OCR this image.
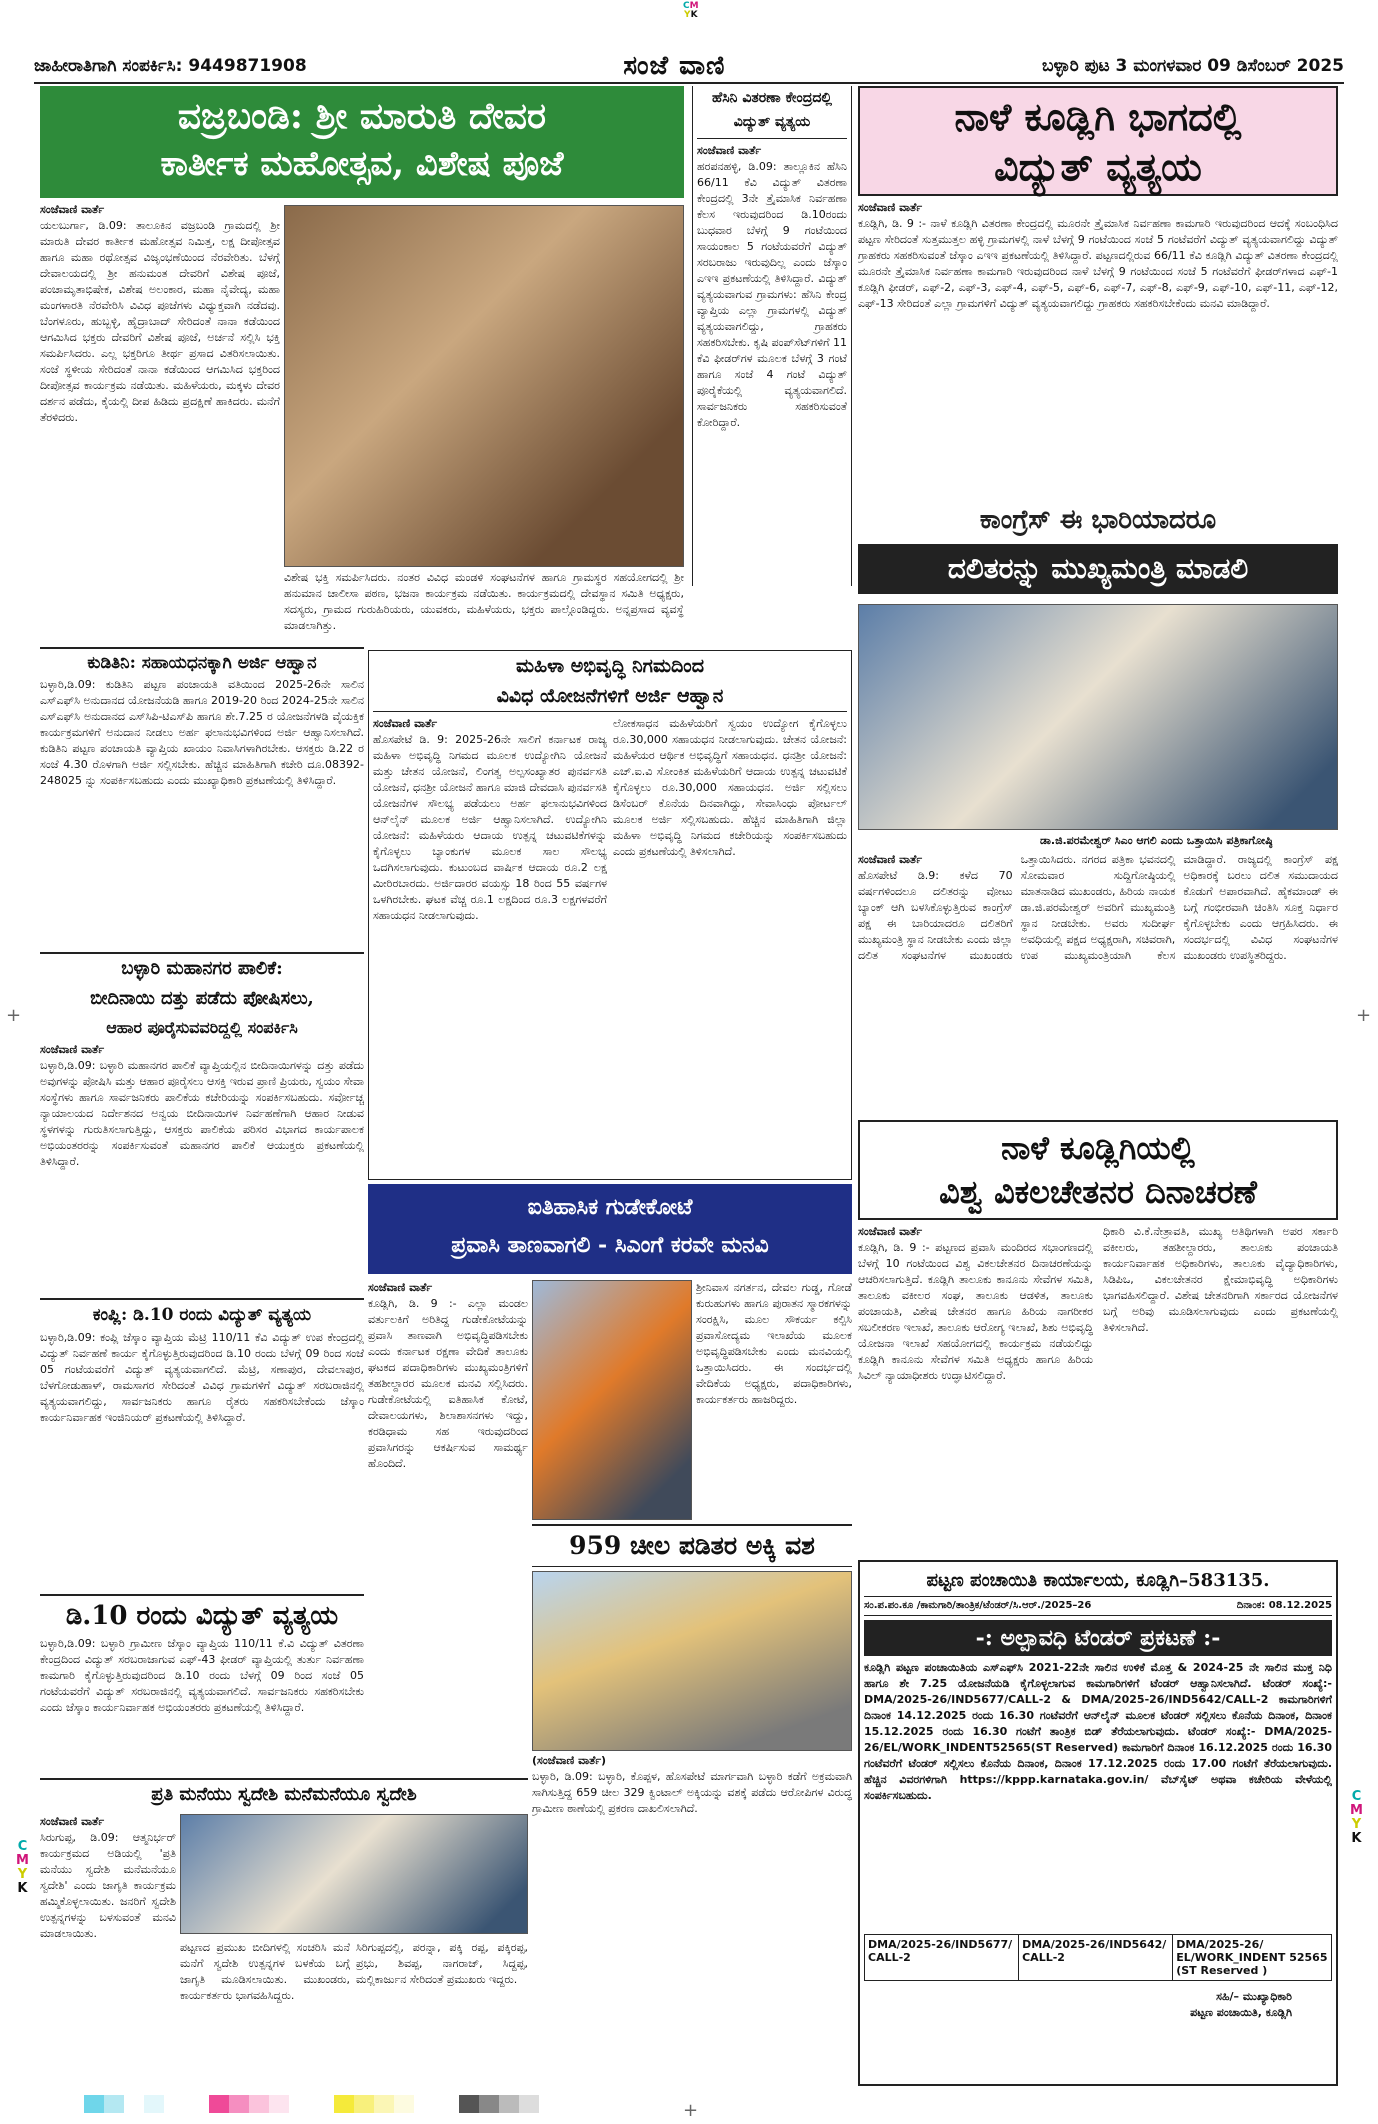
CM
YK
ಜಾಹೀರಾತಿಗಾಗಿ ಸಂಪರ್ಕಿಸಿ: 9449871908	ಸಂಜೆ ವಾಣಿ	ಬಳ್ಳಾರಿ ಪುಟ 3 ಮಂಗಳವಾರ 09 ಡಿಸೆಂಬರ್ 2025
ವಜ್ರಬಂಡಿ: ಶ್ರೀ ಮಾರುತಿ ದೇವರ
ಕಾರ್ತೀಕ ಮಹೋತ್ಸವ, ವಿಶೇಷ ಪೂಜೆ
ಸಂಜೆವಾಣಿ ವಾರ್ತೆ
ಯಲಬುರ್ಗಾ, ಡಿ.09: ತಾಲೂಕಿನ ವಜ್ರಬಂಡಿ ಗ್ರಾಮದಲ್ಲಿ ಶ್ರೀ ಮಾರುತಿ ದೇವರ ಕಾರ್ತೀಕ ಮಹೋತ್ಸವ ನಿಮಿತ್ತ, ಲಕ್ಷ ದೀಪೋತ್ಸವ ಹಾಗೂ ಮಹಾ ರಥೋತ್ಸವ ವಿಜೃಂಭಣೆಯಿಂದ ನೆರವೇರಿತು. ಬೆಳಗ್ಗೆ ದೇವಾಲಯದಲ್ಲಿ ಶ್ರೀ ಹನುಮಂತ ದೇವರಿಗೆ ವಿಶೇಷ ಪೂಜೆ, ಪಂಚಾಮೃತಾಭಿಷೇಕ, ವಿಶೇಷ ಅಲಂಕಾರ, ಮಹಾ ನೈವೇದ್ಯ, ಮಹಾ ಮಂಗಳಾರತಿ ನೆರವೇರಿಸಿ ವಿವಿಧ ಪೂಜೆಗಳು ವಿಧ್ಯುಕ್ತವಾಗಿ ನಡೆದವು. ಬೆಂಗಳೂರು, ಹುಬ್ಬಳ್ಳಿ, ಹೈದ್ರಾಬಾದ್ ಸೇರಿದಂತೆ ನಾನಾ ಕಡೆಯಿಂದ ಆಗಮಿಸಿದ ಭಕ್ತರು ದೇವರಿಗೆ ವಿಶೇಷ ಪೂಜೆ, ಅರ್ಚನೆ ಸಲ್ಲಿಸಿ ಭಕ್ತಿ ಸಮರ್ಪಿಸಿದರು. ಎಲ್ಲ ಭಕ್ತರಿಗೂ ತೀರ್ಥ ಪ್ರಸಾದ ವಿತರಿಸಲಾಯಿತು. ಸಂಜೆ ಸ್ಥಳೀಯ ಸೇರಿದಂತೆ ನಾನಾ ಕಡೆಯಿಂದ ಆಗಮಿಸಿದ ಭಕ್ತರಿಂದ ದೀಪೋತ್ಸವ ಕಾರ್ಯಕ್ರಮ ನಡೆಯಿತು. ಮಹಿಳೆಯರು, ಮಕ್ಕಳು ದೇವರ ದರ್ಶನ ಪಡೆದು, ಕೈಯಲ್ಲಿ ದೀಪ ಹಿಡಿದು ಪ್ರದಕ್ಷಿಣೆ ಹಾಕಿದರು. ಮನೆಗೆ ತೆರಳಿದರು.
ವಿಶೇಷ ಭಕ್ತಿ ಸಮರ್ಪಿಸಿದರು. ನಂತರ ವಿವಿಧ ಮಂಡಳಿ ಸಂಘಟನೆಗಳ ಹಾಗೂ ಗ್ರಾಮಸ್ಥರ ಸಹಯೋಗದಲ್ಲಿ ಶ್ರೀ ಹನುಮಾನ ಚಾಲೀಸಾ ಪಠಣ, ಭಜನಾ ಕಾರ್ಯಕ್ರಮ ನಡೆಯಿತು. ಕಾರ್ಯಕ್ರಮದಲ್ಲಿ ದೇವಸ್ಥಾನ ಸಮಿತಿ ಅಧ್ಯಕ್ಷರು, ಸದಸ್ಯರು, ಗ್ರಾಮದ ಗುರುಹಿರಿಯರು, ಯುವಕರು, ಮಹಿಳೆಯರು, ಭಕ್ತರು ಪಾಲ್ಗೊಂಡಿದ್ದರು. ಅನ್ನಪ್ರಸಾದ ವ್ಯವಸ್ಥೆ ಮಾಡಲಾಗಿತ್ತು.
ಹೆಸಿನಿ ವಿತರಣಾ ಕೇಂದ್ರದಲ್ಲಿ ವಿದ್ಯುತ್ ವ್ಯತ್ಯಯ
ಸಂಜೆವಾಣಿ ವಾರ್ತೆ
ಹರಪನಹಳ್ಳಿ, ಡಿ.09: ತಾಲ್ಲೂಕಿನ ಹೆಸಿನಿ 66/11 ಕೆವಿ ವಿದ್ಯುತ್ ವಿತರಣಾ ಕೇಂದ್ರದಲ್ಲಿ 3ನೇ ತ್ರೈಮಾಸಿಕ ನಿರ್ವಹಣಾ ಕೆಲಸ ಇರುವುದರಿಂದ ಡಿ.10ರಂದು ಬುಧವಾರ ಬೆಳಗ್ಗೆ 9 ಗಂಟೆಯಿಂದ ಸಾಯಂಕಾಲ 5 ಗಂಟೆಯವರೆಗೆ ವಿದ್ಯುತ್ ಸರಬರಾಜು ಇರುವುದಿಲ್ಲ ಎಂದು ಜೆಸ್ಕಾಂ ಎಇಇ ಪ್ರಕಟಣೆಯಲ್ಲಿ ತಿಳಿಸಿದ್ದಾರೆ. ವಿದ್ಯುತ್ ವ್ಯತ್ಯಯವಾಗುವ ಗ್ರಾಮಗಳು: ಹೆಸಿನಿ ಕೇಂದ್ರ ವ್ಯಾಪ್ತಿಯ ಎಲ್ಲಾ ಗ್ರಾಮಗಳಲ್ಲಿ ವಿದ್ಯುತ್ ವ್ಯತ್ಯಯವಾಗಲಿದ್ದು, ಗ್ರಾಹಕರು ಸಹಕರಿಸಬೇಕು. ಕೃಷಿ ಪಂಪ್‌ಸೆಟ್‌ಗಳಿಗೆ 11 ಕೆವಿ ಫೀಡರ್‌ಗಳ ಮೂಲಕ ಬೆಳಗ್ಗೆ 3 ಗಂಟೆ ಹಾಗೂ ಸಂಜೆ 4 ಗಂಟೆ ವಿದ್ಯುತ್ ಪೂರೈಕೆಯಲ್ಲಿ ವ್ಯತ್ಯಯವಾಗಲಿದೆ. ಸಾರ್ವಜನಿಕರು ಸಹಕರಿಸುವಂತೆ ಕೋರಿದ್ದಾರೆ.
ನಾಳೆ ಕೂಡ್ಲಿಗಿ ಭಾಗದಲ್ಲಿ
ವಿದ್ಯುತ್ ವ್ಯತ್ಯಯ
ಸಂಜೆವಾಣಿ ವಾರ್ತೆ
ಕೂಡ್ಲಿಗಿ, ಡಿ. 9 :- ನಾಳೆ ಕೂಡ್ಲಿಗಿ ವಿತರಣಾ ಕೇಂದ್ರದಲ್ಲಿ ಮೂರನೇ ತ್ರೈಮಾಸಿಕ ನಿರ್ವಹಣಾ ಕಾಮಗಾರಿ ಇರುವುದರಿಂದ ಆದಕ್ಕೆ ಸಂಬಂಧಿಸಿದ ಪಟ್ಟಣ ಸೇರಿದಂತೆ ಸುತ್ತಮುತ್ತಲ ಹಳ್ಳಿ ಗ್ರಾಮಗಳಲ್ಲಿ ನಾಳೆ ಬೆಳಗ್ಗೆ 9 ಗಂಟೆಯಿಂದ ಸಂಜೆ 5 ಗಂಟೆವರೆಗೆ ವಿದ್ಯುತ್ ವ್ಯತ್ಯಯವಾಗಲಿದ್ದು ವಿದ್ಯುತ್ ಗ್ರಾಹಕರು ಸಹಕರಿಸುವಂತೆ ಜೆಸ್ಕಾಂ ಎಇಇ ಪ್ರಕಟಣೆಯಲ್ಲಿ ತಿಳಿಸಿದ್ದಾರೆ. ಪಟ್ಟಣದಲ್ಲಿರುವ 66/11 ಕೆವಿ ಕೂಡ್ಲಿಗಿ ವಿದ್ಯುತ್ ವಿತರಣಾ ಕೇಂದ್ರದಲ್ಲಿ ಮೂರನೇ ತ್ರೈಮಾಸಿಕ ನಿರ್ವಹಣಾ ಕಾಮಗಾರಿ ಇರುವುದರಿಂದ ನಾಳೆ ಬೆಳಗ್ಗೆ 9 ಗಂಟೆಯಿಂದ ಸಂಜೆ 5 ಗಂಟೆವರೆಗೆ ಫೀಡರ್‌ಗಳಾದ ಎಫ್-1 ಕೂಡ್ಲಿಗಿ ಫೀಡರ್, ಎಫ್-2, ಎಫ್-3, ಎಫ್-4, ಎಫ್-5, ಎಫ್-6, ಎಫ್-7, ಎಫ್-8, ಎಫ್-9, ಎಫ್-10, ಎಫ್-11, ಎಫ್-12, ಎಫ್-13 ಸೇರಿದಂತೆ ಎಲ್ಲಾ ಗ್ರಾಮಗಳಿಗೆ ವಿದ್ಯುತ್ ವ್ಯತ್ಯಯವಾಗಲಿದ್ದು ಗ್ರಾಹಕರು ಸಹಕರಿಸಬೇಕೆಂದು ಮನವಿ ಮಾಡಿದ್ದಾರೆ.
ಕಾಂಗ್ರೆಸ್ ಈ ಭಾರಿಯಾದರೂ
ದಲಿತರನ್ನು ಮುಖ್ಯಮಂತ್ರಿ ಮಾಡಲಿ
ಡಾ.ಜಿ.ಪರಮೇಶ್ವರ್ ಸಿಎಂ ಆಗಲಿ ಎಂದು ಒತ್ತಾಯಿಸಿ ಪತ್ರಿಕಾಗೋಷ್ಠಿ
ಸಂಜೆವಾಣಿ ವಾರ್ತೆ
ಹೊಸಪೇಟೆ ಡಿ.9: ಕಳೆದ 70 ವರ್ಷಗಳಿಂದಲೂ ದಲಿತರನ್ನು ವೋಟು ಬ್ಯಾಂಕ್ ಆಗಿ ಬಳಸಿಕೊಳ್ಳುತ್ತಿರುವ ಕಾಂಗ್ರೆಸ್ ಪಕ್ಷ ಈ ಬಾರಿಯಾದರೂ ದಲಿತರಿಗೆ ಮುಖ್ಯಮಂತ್ರಿ ಸ್ಥಾನ ನೀಡಬೇಕು ಎಂದು ಜಿಲ್ಲಾ ದಲಿತ ಸಂಘಟನೆಗಳ ಮುಖಂಡರು ಒತ್ತಾಯಿಸಿದರು. ನಗರದ ಪತ್ರಿಕಾ ಭವನದಲ್ಲಿ ಸೋಮವಾರ ಸುದ್ದಿಗೋಷ್ಠಿಯಲ್ಲಿ ಮಾತನಾಡಿದ ಮುಖಂಡರು, ಹಿರಿಯ ನಾಯಕ ಡಾ.ಜಿ.ಪರಮೇಶ್ವರ್ ಅವರಿಗೆ ಮುಖ್ಯಮಂತ್ರಿ ಸ್ಥಾನ ನೀಡಬೇಕು. ಅವರು ಸುದೀರ್ಘ ಅವಧಿಯಲ್ಲಿ ಪಕ್ಷದ ಅಧ್ಯಕ್ಷರಾಗಿ, ಸಚಿವರಾಗಿ, ಉಪ ಮುಖ್ಯಮಂತ್ರಿಯಾಗಿ ಕೆಲಸ ಮಾಡಿದ್ದಾರೆ. ರಾಜ್ಯದಲ್ಲಿ ಕಾಂಗ್ರೆಸ್ ಪಕ್ಷ ಅಧಿಕಾರಕ್ಕೆ ಬರಲು ದಲಿತ ಸಮುದಾಯದ ಕೊಡುಗೆ ಅಪಾರವಾಗಿದೆ. ಹೈಕಮಾಂಡ್ ಈ ಬಗ್ಗೆ ಗಂಭೀರವಾಗಿ ಚಿಂತಿಸಿ ಸೂಕ್ತ ನಿರ್ಧಾರ ಕೈಗೊಳ್ಳಬೇಕು ಎಂದು ಆಗ್ರಹಿಸಿದರು. ಈ ಸಂದರ್ಭದಲ್ಲಿ ವಿವಿಧ ಸಂಘಟನೆಗಳ ಮುಖಂಡರು ಉಪಸ್ಥಿತರಿದ್ದರು.
ಕುಡಿತಿನಿ: ಸಹಾಯಧನಕ್ಕಾಗಿ ಅರ್ಜಿ ಆಹ್ವಾನ
ಬಳ್ಳಾರಿ,ಡಿ.09: ಕುಡಿತಿನಿ ಪಟ್ಟಣ ಪಂಚಾಯತಿ ವತಿಯಿಂದ 2025-26ನೇ ಸಾಲಿನ ಎಸ್‌ಎಫ್‌ಸಿ ಅನುದಾನದ ಯೋಜನೆಯಡಿ ಹಾಗೂ 2019-20 ರಿಂದ 2024-25ನೇ ಸಾಲಿನ ಎಸ್‌ಎಫ್‌ಸಿ ಅನುದಾನದ ಎಸ್‌ಸಿಪಿ-ಟಿಎಸ್‌ಪಿ ಹಾಗೂ ಶೇ.7.25 ರ ಯೋಜನೆಗಳಡಿ ವೈಯಕ್ತಿಕ ಕಾರ್ಯಕ್ರಮಗಳಿಗೆ ಅನುದಾನ ನೀಡಲು ಅರ್ಹ ಫಲಾನುಭವಿಗಳಿಂದ ಅರ್ಜಿ ಆಹ್ವಾನಿಸಲಾಗಿದೆ. ಕುಡಿತಿನಿ ಪಟ್ಟಣ ಪಂಚಾಯತಿ ವ್ಯಾಪ್ತಿಯ ಖಾಯಂ ನಿವಾಸಿಗಳಾಗಿರಬೇಕು. ಆಸಕ್ತರು ಡಿ.22 ರ ಸಂಜೆ 4.30 ರೊಳಗಾಗಿ ಅರ್ಜಿ ಸಲ್ಲಿಸಬೇಕು. ಹೆಚ್ಚಿನ ಮಾಹಿತಿಗಾಗಿ ಕಚೇರಿ ದೂ.08392-248025 ನ್ನು ಸಂಪರ್ಕಿಸಬಹುದು ಎಂದು ಮುಖ್ಯಾಧಿಕಾರಿ ಪ್ರಕಟಣೆಯಲ್ಲಿ ತಿಳಿಸಿದ್ದಾರೆ.
ಬಳ್ಳಾರಿ ಮಹಾನಗರ ಪಾಲಿಕೆ:
ಬೀದಿನಾಯಿ ದತ್ತು ಪಡೆದು ಪೋಷಿಸಲು,
ಆಹಾರ ಪೂರೈಸುವವರಿದ್ದಲ್ಲಿ ಸಂಪರ್ಕಿಸಿ
ಸಂಜೆವಾಣಿ ವಾರ್ತೆ
ಬಳ್ಳಾರಿ,ಡಿ.09: ಬಳ್ಳಾರಿ ಮಹಾನಗರ ಪಾಲಿಕೆ ವ್ಯಾಪ್ತಿಯಲ್ಲಿನ ಬೀದಿನಾಯಿಗಳನ್ನು ದತ್ತು ಪಡೆದು ಅವುಗಳನ್ನು ಪೋಷಿಸಿ ಮತ್ತು ಆಹಾರ ಪೂರೈಸಲು ಆಸಕ್ತಿ ಇರುವ ಪ್ರಾಣಿ ಪ್ರಿಯರು, ಸ್ವಯಂ ಸೇವಾ ಸಂಸ್ಥೆಗಳು ಹಾಗೂ ಸಾರ್ವಜನಿಕರು ಪಾಲಿಕೆಯ ಕಚೇರಿಯನ್ನು ಸಂಪರ್ಕಿಸಬಹುದು. ಸರ್ವೋಚ್ಚ ನ್ಯಾಯಾಲಯದ ನಿರ್ದೇಶನದ ಅನ್ವಯ ಬೀದಿನಾಯಿಗಳ ನಿರ್ವಹಣೆಗಾಗಿ ಆಹಾರ ನೀಡುವ ಸ್ಥಳಗಳನ್ನು ಗುರುತಿಸಲಾಗುತ್ತಿದ್ದು, ಆಸಕ್ತರು ಪಾಲಿಕೆಯ ಪರಿಸರ ವಿಭಾಗದ ಕಾರ್ಯಪಾಲಕ ಅಭಿಯಂತರರನ್ನು ಸಂಪರ್ಕಿಸುವಂತೆ ಮಹಾನಗರ ಪಾಲಿಕೆ ಆಯುಕ್ತರು ಪ್ರಕಟಣೆಯಲ್ಲಿ ತಿಳಿಸಿದ್ದಾರೆ.
ಕಂಪ್ಲಿ: ಡಿ.10 ರಂದು ವಿದ್ಯುತ್ ವ್ಯತ್ಯಯ
ಬಳ್ಳಾರಿ,ಡಿ.09: ಕಂಪ್ಲಿ ಜೆಸ್ಕಾಂ ವ್ಯಾಪ್ತಿಯ ಮೆಟ್ರಿ 110/11 ಕೆವಿ ವಿದ್ಯುತ್ ಉಪ ಕೇಂದ್ರದಲ್ಲಿ ವಿದ್ಯುತ್ ನಿರ್ವಹಣೆ ಕಾರ್ಯ ಕೈಗೊಳ್ಳುತ್ತಿರುವುದರಿಂದ ಡಿ.10 ರಂದು ಬೆಳಗ್ಗೆ 09 ರಿಂದ ಸಂಜೆ 05 ಗಂಟೆಯವರೆಗೆ ವಿದ್ಯುತ್ ವ್ಯತ್ಯಯವಾಗಲಿದೆ. ಮೆಟ್ರಿ, ಸಣಾಪುರ, ದೇವಲಾಪುರ, ಬೆಳಗೋಡುಹಾಳ್, ರಾಮಸಾಗರ ಸೇರಿದಂತೆ ವಿವಿಧ ಗ್ರಾಮಗಳಿಗೆ ವಿದ್ಯುತ್ ಸರಬರಾಜಿನಲ್ಲಿ ವ್ಯತ್ಯಯವಾಗಲಿದ್ದು, ಸಾರ್ವಜನಿಕರು ಹಾಗೂ ರೈತರು ಸಹಕರಿಸಬೇಕೆಂದು ಜೆಸ್ಕಾಂ ಕಾರ್ಯನಿರ್ವಾಹಕ ಇಂಜಿನಿಯರ್ ಪ್ರಕಟಣೆಯಲ್ಲಿ ತಿಳಿಸಿದ್ದಾರೆ.
ಡಿ.10 ರಂದು ವಿದ್ಯುತ್ ವ್ಯತ್ಯಯ
ಬಳ್ಳಾರಿ,ಡಿ.09: ಬಳ್ಳಾರಿ ಗ್ರಾಮೀಣ ಜೆಸ್ಕಾಂ ವ್ಯಾಪ್ತಿಯ 110/11 ಕೆ.ವಿ ವಿದ್ಯುತ್ ವಿತರಣಾ ಕೇಂದ್ರದಿಂದ ವಿದ್ಯುತ್ ಸರಬರಾಜಾಗುವ ಎಫ್-43 ಫೀಡರ್ ವ್ಯಾಪ್ತಿಯಲ್ಲಿ ತುರ್ತು ನಿರ್ವಹಣಾ ಕಾಮಗಾರಿ ಕೈಗೊಳ್ಳುತ್ತಿರುವುದರಿಂದ ಡಿ.10 ರಂದು ಬೆಳಗ್ಗೆ 09 ರಿಂದ ಸಂಜೆ 05 ಗಂಟೆಯವರೆಗೆ ವಿದ್ಯುತ್ ಸರಬರಾಜಿನಲ್ಲಿ ವ್ಯತ್ಯಯವಾಗಲಿದೆ. ಸಾರ್ವಜನಿಕರು ಸಹಕರಿಸಬೇಕು ಎಂದು ಜೆಸ್ಕಾಂ ಕಾರ್ಯನಿರ್ವಾಹಕ ಅಭಿಯಂತರರು ಪ್ರಕಟಣೆಯಲ್ಲಿ ತಿಳಿಸಿದ್ದಾರೆ.
ಮಹಿಳಾ ಅಭಿವೃದ್ಧಿ ನಿಗಮದಿಂದ
ವಿವಿಧ ಯೋಜನೆಗಳಿಗೆ ಅರ್ಜಿ ಆಹ್ವಾನ
ಸಂಜೆವಾಣಿ ವಾರ್ತೆ
ಹೊಸಪೇಟೆ ಡಿ. 9: 2025-26ನೇ ಸಾಲಿಗೆ ಕರ್ನಾಟಕ ರಾಜ್ಯ ಮಹಿಳಾ ಅಭಿವೃದ್ಧಿ ನಿಗಮದ ಮೂಲಕ ಉದ್ಯೋಗಿನಿ ಯೋಜನೆ ಮತ್ತು ಚೇತನ ಯೋಜನೆ, ಲಿಂಗತ್ವ ಅಲ್ಪಸಂಖ್ಯಾತರ ಪುನರ್ವಸತಿ ಯೋಜನೆ, ಧನಶ್ರೀ ಯೋಜನೆ ಹಾಗೂ ಮಾಜಿ ದೇವದಾಸಿ ಪುನರ್ವಸತಿ ಯೋಜನೆಗಳ ಸೌಲಭ್ಯ ಪಡೆಯಲು ಅರ್ಹ ಫಲಾನುಭವಿಗಳಿಂದ ಆನ್‌ಲೈನ್ ಮೂಲಕ ಅರ್ಜಿ ಆಹ್ವಾನಿಸಲಾಗಿದೆ. ಉದ್ಯೋಗಿನಿ ಯೋಜನೆ: ಮಹಿಳೆಯರು ಆದಾಯ ಉತ್ಪನ್ನ ಚಟುವಟಿಕೆಗಳನ್ನು ಕೈಗೊಳ್ಳಲು ಬ್ಯಾಂಕುಗಳ ಮೂಲಕ ಸಾಲ ಸೌಲಭ್ಯ ಒದಗಿಸಲಾಗುವುದು. ಕುಟುಂಬದ ವಾರ್ಷಿಕ ಆದಾಯ ರೂ.2 ಲಕ್ಷ ಮೀರಿರಬಾರದು. ಅರ್ಜಿದಾರರ ವಯಸ್ಸು 18 ರಿಂದ 55 ವರ್ಷಗಳ ಒಳಗಿರಬೇಕು. ಘಟಕ ವೆಚ್ಚ ರೂ.1 ಲಕ್ಷದಿಂದ ರೂ.3 ಲಕ್ಷಗಳವರೆಗೆ ಸಹಾಯಧನ ನೀಡಲಾಗುವುದು.
ಲೋಕಸಾಧನ ಮಹಿಳೆಯರಿಗೆ ಸ್ವಯಂ ಉದ್ಯೋಗ ಕೈಗೊಳ್ಳಲು ರೂ.30,000 ಸಹಾಯಧನ ನೀಡಲಾಗುವುದು. ಚೇತನ ಯೋಜನೆ: ಮಹಿಳೆಯರ ಆರ್ಥಿಕ ಅಭಿವೃದ್ಧಿಗೆ ಸಹಾಯಧನ. ಧನಶ್ರೀ ಯೋಜನೆ: ಎಚ್.ಐ.ವಿ ಸೋಂಕಿತ ಮಹಿಳೆಯರಿಗೆ ಆದಾಯ ಉತ್ಪನ್ನ ಚಟುವಟಿಕೆ ಕೈಗೊಳ್ಳಲು ರೂ.30,000 ಸಹಾಯಧನ. ಅರ್ಜಿ ಸಲ್ಲಿಸಲು ಡಿಸೆಂಬರ್ ಕೊನೆಯ ದಿನವಾಗಿದ್ದು, ಸೇವಾಸಿಂಧು ಪೋರ್ಟಲ್ ಮೂಲಕ ಅರ್ಜಿ ಸಲ್ಲಿಸಬಹುದು. ಹೆಚ್ಚಿನ ಮಾಹಿತಿಗಾಗಿ ಜಿಲ್ಲಾ ಮಹಿಳಾ ಅಭಿವೃದ್ಧಿ ನಿಗಮದ ಕಚೇರಿಯನ್ನು ಸಂಪರ್ಕಿಸಬಹುದು ಎಂದು ಪ್ರಕಟಣೆಯಲ್ಲಿ ತಿಳಿಸಲಾಗಿದೆ.
ನಾಳೆ ಕೂಡ್ಲಿಗಿಯಲ್ಲಿ
ವಿಶ್ವ ವಿಕಲಚೇತನರ ದಿನಾಚರಣೆ
ಸಂಜೆವಾಣಿ ವಾರ್ತೆ
ಕೂಡ್ಲಿಗಿ, ಡಿ. 9 :- ಪಟ್ಟಣದ ಪ್ರವಾಸಿ ಮಂದಿರದ ಸಭಾಂಗಣದಲ್ಲಿ ಬೆಳಗ್ಗೆ 10 ಗಂಟೆಯಿಂದ ವಿಶ್ವ ವಿಕಲಚೇತನರ ದಿನಾಚರಣೆಯನ್ನು ಆಚರಿಸಲಾಗುತ್ತಿದೆ. ಕೂಡ್ಲಿಗಿ ತಾಲೂಕು ಕಾನೂನು ಸೇವೆಗಳ ಸಮಿತಿ, ತಾಲೂಕು ವಕೀಲರ ಸಂಘ, ತಾಲೂಕು ಆಡಳಿತ, ತಾಲೂಕು ಪಂಚಾಯತಿ, ವಿಶೇಷ ಚೇತನರ ಹಾಗೂ ಹಿರಿಯ ನಾಗರೀಕರ ಸಬಲೀಕರಣ ಇಲಾಖೆ, ತಾಲೂಕು ಆರೋಗ್ಯ ಇಲಾಖೆ, ಶಿಶು ಅಭಿವೃದ್ಧಿ ಯೋಜನಾ ಇಲಾಖೆ ಸಹಯೋಗದಲ್ಲಿ ಕಾರ್ಯಕ್ರಮ ನಡೆಯಲಿದ್ದು ಕೂಡ್ಲಿಗಿ ಕಾನೂನು ಸೇವೆಗಳ ಸಮಿತಿ ಅಧ್ಯಕ್ಷರು ಹಾಗೂ ಹಿರಿಯ ಸಿವಿಲ್ ನ್ಯಾಯಾಧೀಶರು ಉದ್ಘಾಟಿಸಲಿದ್ದಾರೆ.
ಧಿಕಾರಿ ವಿ.ಕೆ.ನೇತ್ರಾವತಿ, ಮುಖ್ಯ ಅತಿಥಿಗಳಾಗಿ ಅಪರ ಸರ್ಕಾರಿ ವಕೀಲರು, ತಹಶೀಲ್ದಾರರು, ತಾಲೂಕು ಪಂಚಾಯತಿ ಕಾರ್ಯನಿರ್ವಾಹಕ ಅಧಿಕಾರಿಗಳು, ತಾಲೂಕು ವೈದ್ಯಾಧಿಕಾರಿಗಳು, ಸಿಡಿಪಿಒ, ವಿಕಲಚೇತನರ ಕ್ಷೇಮಾಭಿವೃದ್ಧಿ ಅಧಿಕಾರಿಗಳು ಭಾಗವಹಿಸಲಿದ್ದಾರೆ. ವಿಶೇಷ ಚೇತನರಿಗಾಗಿ ಸರ್ಕಾರದ ಯೋಜನೆಗಳ ಬಗ್ಗೆ ಅರಿವು ಮೂಡಿಸಲಾಗುವುದು ಎಂದು ಪ್ರಕಟಣೆಯಲ್ಲಿ ತಿಳಿಸಲಾಗಿದೆ.
ಐತಿಹಾಸಿಕ ಗುಡೇಕೋಟೆ
ಪ್ರವಾಸಿ ತಾಣವಾಗಲಿ - ಸಿಎಂಗೆ ಕರವೇ ಮನವಿ
ಸಂಜೆವಾಣಿ ವಾರ್ತೆ
ಕೂಡ್ಲಿಗಿ, ಡಿ. 9 :- ಎಲ್ಲಾ ಮಂಡಲ ವರ್ತುಲಕಿಗೆ ಅರಿತಿದ್ದ ಗುಡೇಕೋಟೆಯನ್ನು ಪ್ರವಾಸಿ ತಾಣವಾಗಿ ಅಭಿವೃದ್ಧಿಪಡಿಸಬೇಕು ಎಂದು ಕರ್ನಾಟಕ ರಕ್ಷಣಾ ವೇದಿಕೆ ತಾಲೂಕು ಘಟಕದ ಪದಾಧಿಕಾರಿಗಳು ಮುಖ್ಯಮಂತ್ರಿಗಳಿಗೆ ತಹಶೀಲ್ದಾರರ ಮೂಲಕ ಮನವಿ ಸಲ್ಲಿಸಿದರು. ಗುಡೇಕೋಟೆಯಲ್ಲಿ ಐತಿಹಾಸಿಕ ಕೋಟೆ, ದೇವಾಲಯಗಳು, ಶಿಲಾಶಾಸನಗಳು ಇದ್ದು, ಕರಡಿಧಾಮ ಸಹ ಇರುವುದರಿಂದ ಪ್ರವಾಸಿಗರನ್ನು ಆಕರ್ಷಿಸುವ ಸಾಮರ್ಥ್ಯ ಹೊಂದಿದೆ.
ಶ್ರೀನಿವಾಸ ನಗರ್ತನ, ದೇವಲ ಗುಡ್ಡ, ಗೋಡೆ ಕುರುಹುಗಳು ಹಾಗೂ ಪುರಾತನ ಸ್ಮಾರಕಗಳನ್ನು ಸಂರಕ್ಷಿಸಿ, ಮೂಲ ಸೌಕರ್ಯ ಕಲ್ಪಿಸಿ ಪ್ರವಾಸೋದ್ಯಮ ಇಲಾಖೆಯ ಮೂಲಕ ಅಭಿವೃದ್ಧಿಪಡಿಸಬೇಕು ಎಂದು ಮನವಿಯಲ್ಲಿ ಒತ್ತಾಯಿಸಿದರು. ಈ ಸಂದರ್ಭದಲ್ಲಿ ವೇದಿಕೆಯ ಅಧ್ಯಕ್ಷರು, ಪದಾಧಿಕಾರಿಗಳು, ಕಾರ್ಯಕರ್ತರು ಹಾಜರಿದ್ದರು.
959 ಚೀಲ ಪಡಿತರ ಅಕ್ಕಿ ವಶ
(ಸಂಜೆವಾಣಿ ವಾರ್ತೆ)
ಬಳ್ಳಾರಿ, ಡಿ.09: ಬಳ್ಳಾರಿ, ಕೊಪ್ಪಳ, ಹೊಸಪೇಟೆ ಮಾರ್ಗವಾಗಿ ಬಳ್ಳಾರಿ ಕಡೆಗೆ ಅಕ್ರಮವಾಗಿ ಸಾಗಿಸುತ್ತಿದ್ದ 659 ಚೀಲ 329 ಕ್ವಿಂಟಾಲ್ ಅಕ್ಕಿಯನ್ನು ವಶಕ್ಕೆ ಪಡೆದು ಆರೋಪಿಗಳ ವಿರುದ್ಧ ಗ್ರಾಮೀಣ ಠಾಣೆಯಲ್ಲಿ ಪ್ರಕರಣ ದಾಖಲಿಸಲಾಗಿದೆ.
ಪ್ರತಿ ಮನೆಯು ಸ್ವದೇಶಿ ಮನೆಮನೆಯೂ ಸ್ವದೇಶಿ
ಸಂಜೆವಾಣಿ ವಾರ್ತೆ
ಸಿರುಗುಪ್ಪ, ಡಿ.09: ಆತ್ಮನಿರ್ಭರ್ ಕಾರ್ಯಕ್ರಮದ ಅಡಿಯಲ್ಲಿ 'ಪ್ರತಿ ಮನೆಯು ಸ್ವದೇಶಿ ಮನೆಮನೆಯೂ ಸ್ವದೇಶಿ' ಎಂದು ಜಾಗೃತಿ ಕಾರ್ಯಕ್ರಮ ಹಮ್ಮಿಕೊಳ್ಳಲಾಯಿತು. ಜನರಿಗೆ ಸ್ವದೇಶಿ ಉತ್ಪನ್ನಗಳನ್ನು ಬಳಸುವಂತೆ ಮನವಿ ಮಾಡಲಾಯಿತು.
ಪಟ್ಟಣದ ಪ್ರಮುಖ ಬೀದಿಗಳಲ್ಲಿ ಸಂಚರಿಸಿ ಮನೆ ಮನೆಗೆ ಸ್ವದೇಶಿ ಉತ್ಪನ್ನಗಳ ಬಳಕೆಯ ಬಗ್ಗೆ ಜಾಗೃತಿ ಮೂಡಿಸಲಾಯಿತು. ಮುಖಂಡರು, ಕಾರ್ಯಕರ್ತರು ಭಾಗವಹಿಸಿದ್ದರು.
ಸಿರಿಗುಪ್ಪದಲ್ಲಿ, ಪರನ್ನಾ, ಪಕ್ಕಿ ರಪ್ಪ, ಪಕ್ಕಿರಪ್ಪ, ಪ್ರಭು, ಶಿವಪ್ಪ, ನಾಗರಾಜ್, ಸಿದ್ದಪ್ಪ, ಮಲ್ಲಿಕಾರ್ಜುನ ಸೇರಿದಂತೆ ಪ್ರಮುಖರು ಇದ್ದರು.
ಪಟ್ಟಣ ಪಂಚಾಯಿತಿ ಕಾರ್ಯಾಲಯ, ಕೂಡ್ಲಿಗಿ–583135.
ಸಂ.ಪ.ಪಂ.ಕೂ /ಕಾಮಗಾರಿ/ತಾಂತ್ರಿಕ/ಟೆಂಡರ್/ಸಿ.ಆರ್./2025–26	ದಿನಾಂಕ: 08.12.2025
-: ಅಲ್ಪಾವಧಿ ಟೆಂಡರ್ ಪ್ರಕಟಣೆ :-
ಕೂಡ್ಲಿಗಿ ಪಟ್ಟಣ ಪಂಚಾಯಿತಿಯ ಎಸ್‌ಎಫ್‌ಸಿ 2021-22ನೇ ಸಾಲಿನ ಉಳಿಕೆ ಮೊತ್ತ & 2024-25 ನೇ ಸಾಲಿನ ಮುಕ್ತ ನಿಧಿ ಹಾಗೂ ಶೇ 7.25 ಯೋಜನೆಯಡಿ ಕೈಗೊಳ್ಳಲಾಗುವ ಕಾಮಗಾರಿಗಳಿಗೆ ಟೆಂಡರ್ ಆಹ್ವಾನಿಸಲಾಗಿದೆ. ಟೆಂಡರ್ ಸಂಖ್ಯೆ:- DMA/2025-26/IND5677/CALL-2 & DMA/2025-26/IND5642/CALL-2 ಕಾಮಗಾರಿಗಳಿಗೆ ದಿನಾಂಕ 14.12.2025 ರಂದು 16.30 ಗಂಟೆವರೆಗೆ ಆನ್‌ಲೈನ್ ಮೂಲಕ ಟೆಂಡರ್ ಸಲ್ಲಿಸಲು ಕೊನೆಯ ದಿನಾಂಕ, ದಿನಾಂಕ 15.12.2025 ರಂದು 16.30 ಗಂಟೆಗೆ ತಾಂತ್ರಿಕ ಬಿಡ್ ತೆರೆಯಲಾಗುವುದು. ಟೆಂಡರ್ ಸಂಖ್ಯೆ:- DMA/2025-26/EL/WORK_INDENT52565(ST Reserved) ಕಾಮಗಾರಿಗೆ ದಿನಾಂಕ 16.12.2025 ರಂದು 16.30 ಗಂಟೆವರೆಗೆ ಟೆಂಡರ್ ಸಲ್ಲಿಸಲು ಕೊನೆಯ ದಿನಾಂಕ, ದಿನಾಂಕ 17.12.2025 ರಂದು 17.00 ಗಂಟೆಗೆ ತೆರೆಯಲಾಗುವುದು. ಹೆಚ್ಚಿನ ವಿವರಗಳಿಗಾಗಿ https://kppp.karnataka.gov.in/ ವೆಬ್‌ಸೈಟ್ ಅಥವಾ ಕಚೇರಿಯ ವೇಳೆಯಲ್ಲಿ ಸಂಪರ್ಕಿಸಬಹುದು.
DMA/2025-26/IND5677/ CALL-2	DMA/2025-26/IND5642/ CALL-2	DMA/2025-26/ EL/WORK_INDENT 52565 (ST Reserved )
ಸಹಿ/– ಮುಖ್ಯಾಧಿಕಾರಿ
ಪಟ್ಟಣ ಪಂಚಾಯಿತಿ, ಕೂಡ್ಲಿಗಿ
C
M
Y
K
C
M
Y
K
+	+
+
